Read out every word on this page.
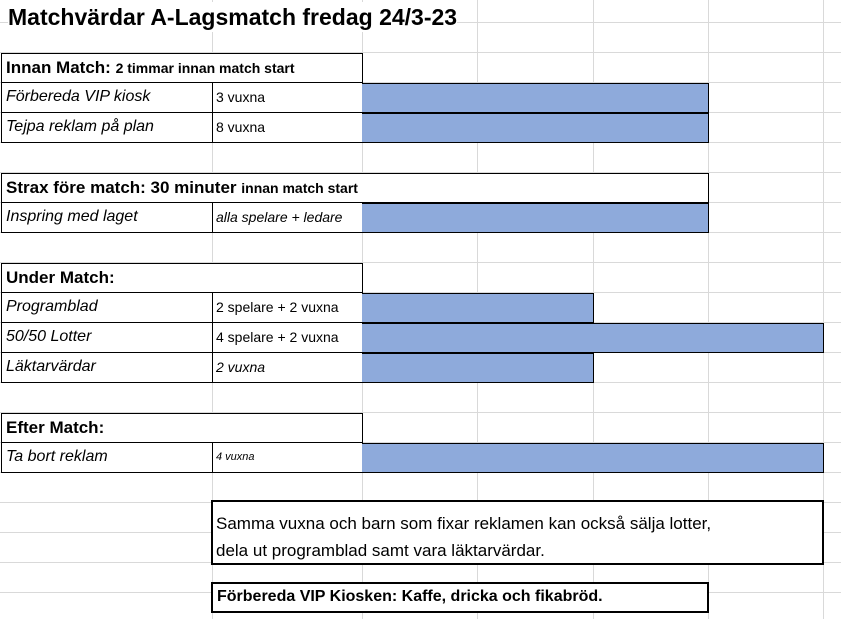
Matchvärdar A-Lagsmatch fredag 24/3-23
Innan Match: 2 timmar innan match start
Förbereda VIP kiosk	3 vuxna
Tejpa reklam på plan	8 vuxna
Strax före match: 30 minuter innan match start
Inspring med laget	alla spelare + ledare
Under Match:
Programblad	2 spelare + 2 vuxna
50/50 Lotter	4 spelare + 2 vuxna
Läktarvärdar	2 vuxna
Efter Match:
Ta bort reklam	4 vuxna
Samma vuxna och barn som fixar reklamen kan också sälja lotter,
dela ut programblad samt vara läktarvärdar.
Förbereda VIP Kiosken: Kaffe, dricka och fikabröd.
